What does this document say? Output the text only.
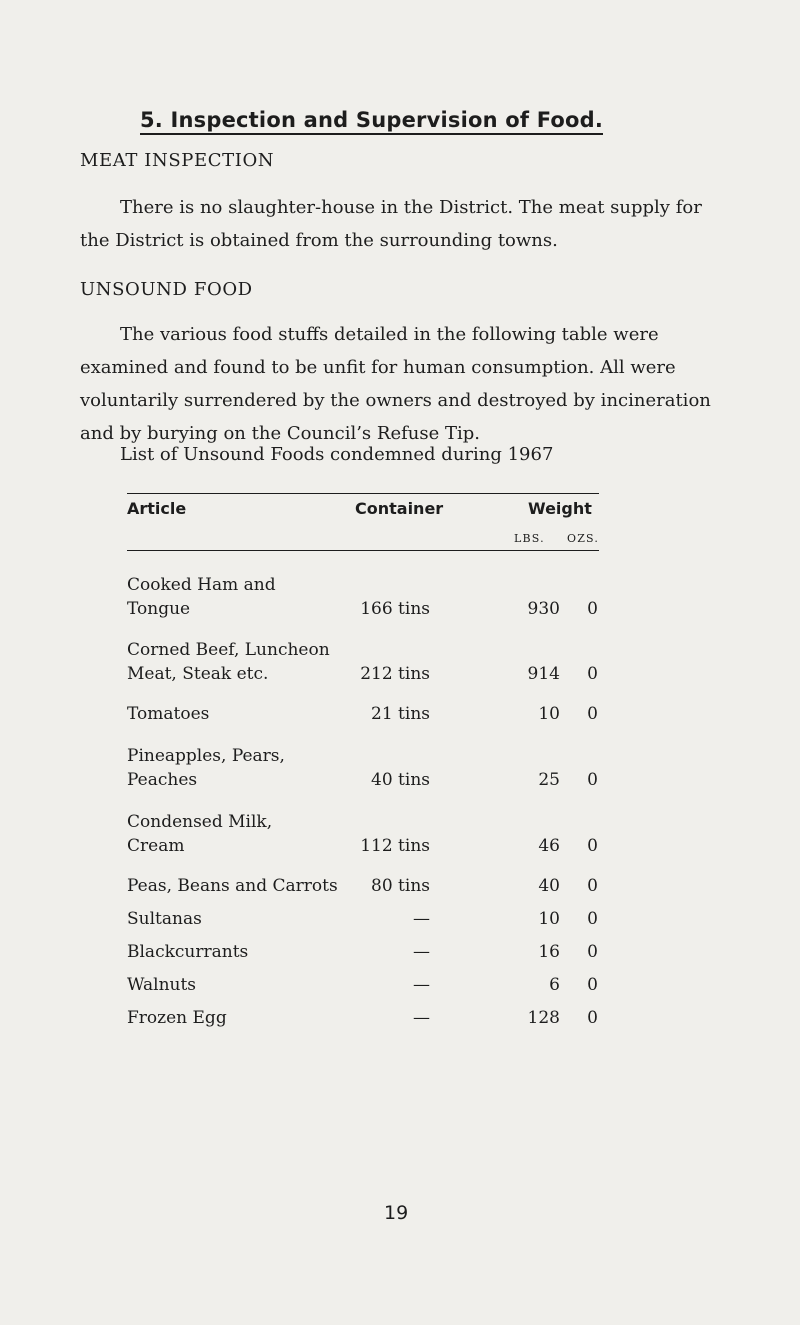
5. Inspection and Supervision of Food.
MEAT INSPECTION
There is no slaughter-house in the District. The meat supply for the District is obtained from the surrounding towns.
UNSOUND FOOD
The various food stuffs detailed in the following table were examined and found to be unfit for human consumption. All were voluntarily surrendered by the owners and destroyed by incineration and by burying on the Council’s Refuse Tip.
List of Unsound Foods condemned during 1967
Article	Container	Weight
LBS. OZS.
Cooked Ham and
Tongue	166 tins	930	0
Corned Beef, Luncheon
Meat, Steak etc.	212 tins	914	0
Tomatoes	21 tins	10	0
Pineapples, Pears,
Peaches	40 tins	25	0
Condensed Milk,
Cream	112 tins	46	0
Peas, Beans and Carrots	80 tins	40	0
Sultanas	—	10	0
Blackcurrants	—	16	0
Walnuts	—	6	0
Frozen Egg	—	128	0
19
